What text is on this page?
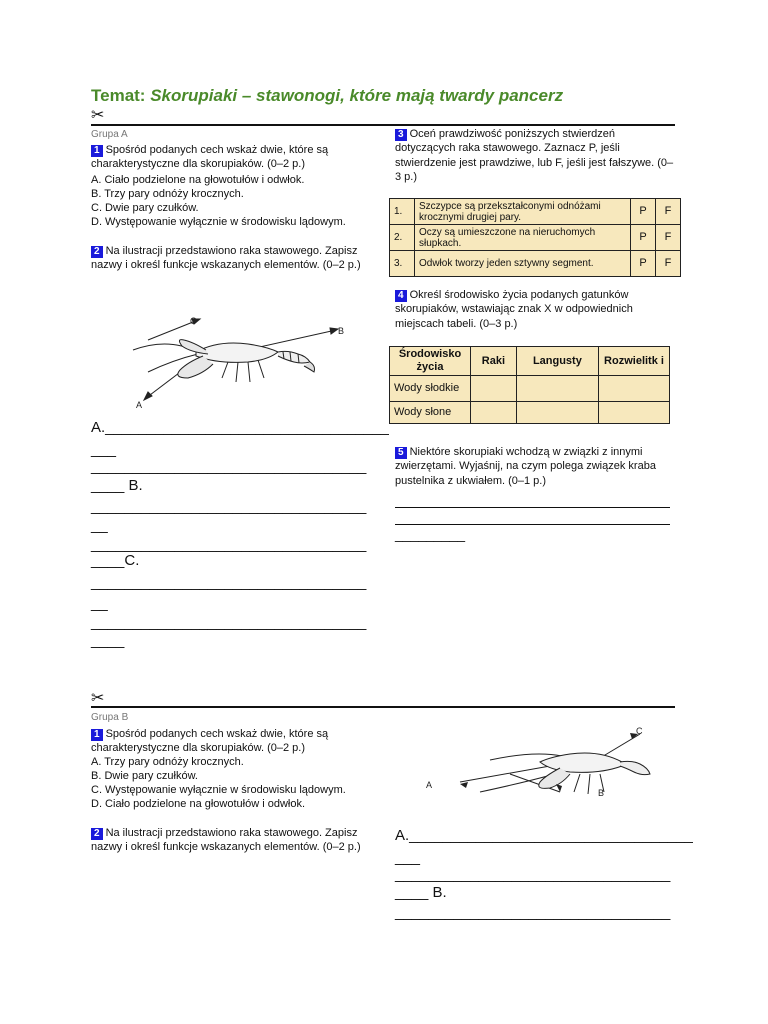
Temat: Skorupiaki – stawonogi, które mają twardy pancerz
✂
Grupa A
1 Spośród podanych cech wskaż dwie, które są charakterystyczne dla skorupiaków. (0–2 p.)
A. Ciało podzielone na głowotułów i odwłok.
B. Trzy pary odnóży krocznych.
C. Dwie pary czułków.
D. Występowanie wyłącznie w środowisku lądowym.
2 Na ilustracji przedstawiono raka stawowego. Zapisz nazwy i określ funkcje wskazanych elementów. (0–2 p.)
C
B
A
A.__________________________________
___
_________________________________
____ B.
_________________________________
__
_________________________________
____C.
_________________________________
__
_________________________________
____
3 Oceń prawdziwość poniższych stwierdzeń dotyczących raka stawowego. Zaznacz P, jeśli stwierdzenie jest prawdziwe, lub F, jeśli jest fałszywe. (0–3 p.)
1.	Szczypce są przekształconymi odnóżami krocznymi drugiej pary.	P	F
2.	Oczy są umieszczone na nieruchomych słupkach.	P	F
3.	Odwłok tworzy jeden sztywny segment.	P	F
4 Określ środowisko życia podanych gatunków skorupiaków, wstawiając znak X w odpowiednich miejscach tabeli. (0–3 p.)
Środowisko życia	Raki	Langusty	Rozwielitk i
Wody słodkie			
Wody słone			
5 Niektóre skorupiaki wchodzą w związki z innymi zwierzętami. Wyjaśnij, na czym polega związek kraba pustelnika z ukwiałem. (0–1 p.)
_________
✂
Grupa B
1 Spośród podanych cech wskaż dwie, które są charakterystyczne dla skorupiaków. (0–2 p.)
A. Trzy pary odnóży krocznych.
B. Dwie pary czułków.
C. Występowanie wyłącznie w środowisku lądowym.
D. Ciało podzielone na głowotułów i odwłok.
2 Na ilustracji przedstawiono raka stawowego. Zapisz nazwy i określ funkcje wskazanych elementów. (0–2 p.)
C
A
B
A.__________________________________
___
_________________________________
____ B.
_________________________________
